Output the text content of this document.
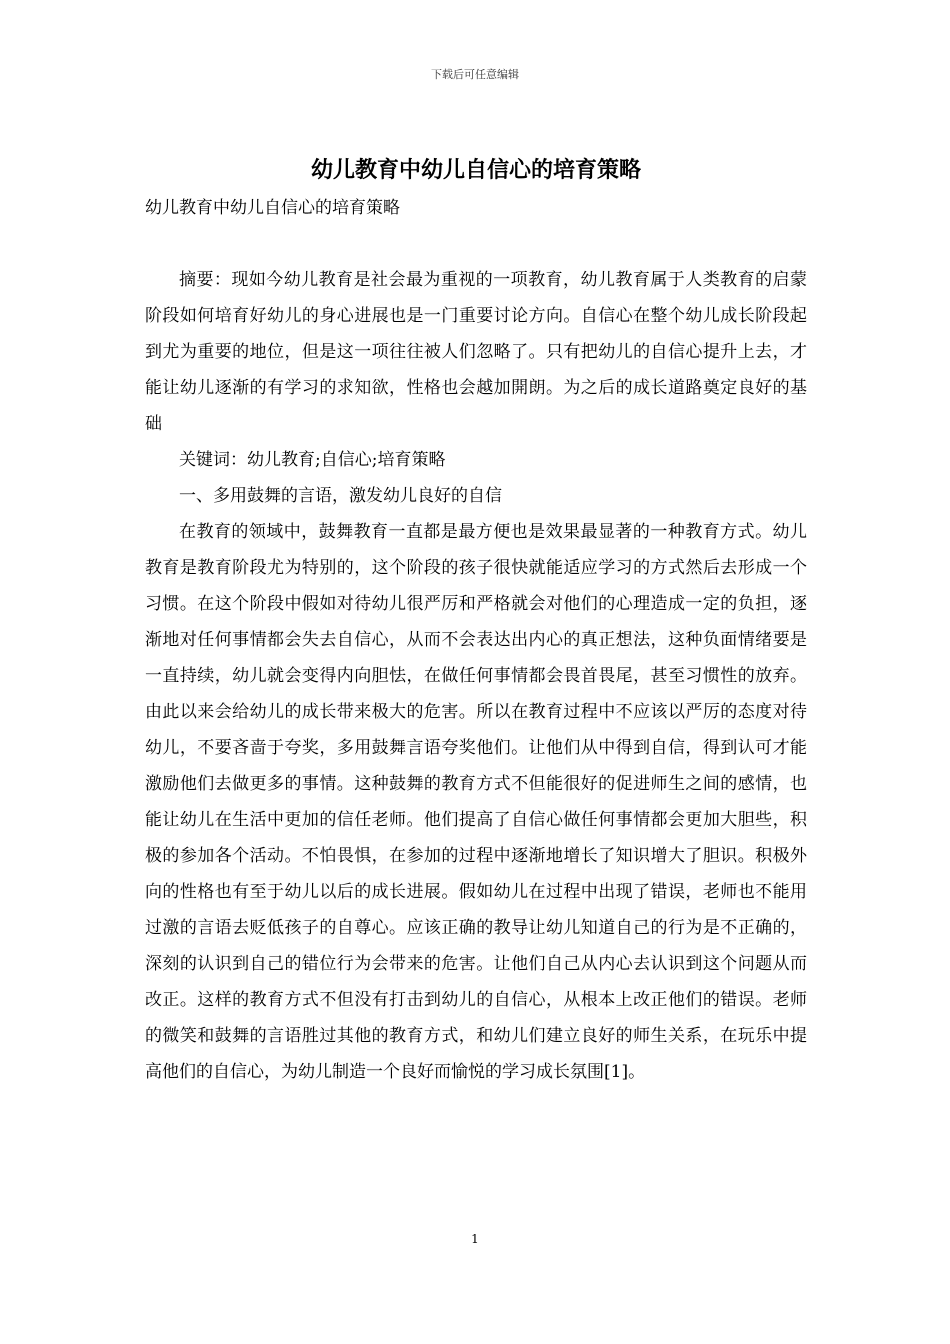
下载后可任意编辑
幼儿教育中幼儿自信心的培育策略

幼儿教育中幼儿自信心的培育策略

摘要：现如今幼儿教育是社会最为重视的一项教育，幼儿教育属于人类教育的启蒙阶段如何培育好幼儿的身心进展也是一门重要讨论方向。自信心在整个幼儿成长阶段起到尤为重要的地位，但是这一项往往被人们忽略了。只有把幼儿的自信心提升上去，才能让幼儿逐渐的有学习的求知欲，性格也会越加開朗。为之后的成长道路奠定良好的基础

关键词：幼儿教育;自信心;培育策略

一、多用鼓舞的言语，激发幼儿良好的自信

在教育的领域中，鼓舞教育一直都是最方便也是效果最显著的一种教育方式。幼儿教育是教育阶段尤为特别的，这个阶段的孩子很快就能适应学习的方式然后去形成一个习惯。在这个阶段中假如对待幼儿很严厉和严格就会对他们的心理造成一定的负担，逐渐地对任何事情都会失去自信心，从而不会表达出内心的真正想法，这种负面情绪要是一直持续，幼儿就会变得内向胆怯，在做任何事情都会畏首畏尾，甚至习惯性的放弃。由此以来会给幼儿的成长带来极大的危害。所以在教育过程中不应该以严厉的态度对待幼儿，不要吝啬于夸奖，多用鼓舞言语夸奖他们。让他们从中得到自信，得到认可才能激励他们去做更多的事情。这种鼓舞的教育方式不但能很好的促进师生之间的感情，也能让幼儿在生活中更加的信任老师。他们提高了自信心做任何事情都会更加大胆些，积极的参加各个活动。不怕畏惧，在参加的过程中逐渐地增长了知识增大了胆识。积极外向的性格也有至于幼儿以后的成长进展。假如幼儿在过程中出现了错误，老师也不能用过激的言语去贬低孩子的自尊心。应该正确的教导让幼儿知道自己的行为是不正确的，深刻的认识到自己的错位行为会带来的危害。让他们自己从内心去认识到这个问题从而改正。这样的教育方式不但没有打击到幼儿的自信心，从根本上改正他们的错误。老师的微笑和鼓舞的言语胜过其他的教育方式，和幼儿们建立良好的师生关系，在玩乐中提高他们的自信心，为幼儿制造一个良好而愉悦的学习成长氛围[1]。

1
